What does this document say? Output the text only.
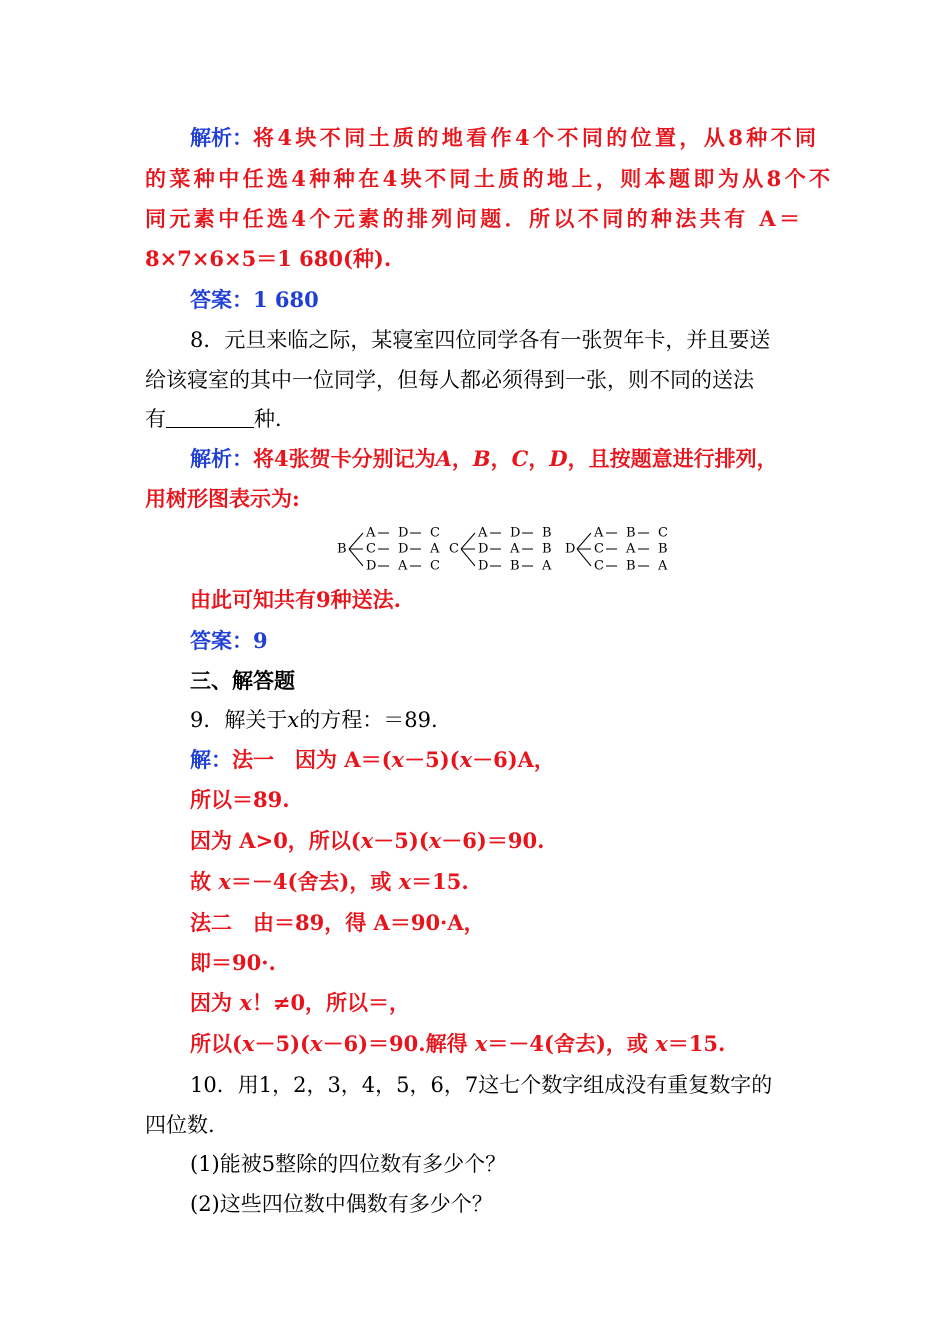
解析：将4块不同土质的地看作4个不同的位置，从8种不同
的菜种中任选4种种在4块不同土质的地上，则本题即为从8个不
同元素中任选4个元素的排列问题．所以不同的种法共有 A＝
8×7×6×5＝1 680(种).
答案：1 680
8．元旦来临之际，某寝室四位同学各有一张贺年卡，并且要送
给该寝室的其中一位同学，但每人都必须得到一张，则不同的送法
有	种．
解析：将4张贺卡分别记为A，B，C，D，且按题意进行排列，
用树形图表示为:
B
A D C
C D A
D A C
C
A D B
D A B
D B A
D
A B C
C A B
C B A
由此可知共有9种送法.
答案：9
三、解答题
9．解关于x的方程：＝89.
解：法一　因为 A＝(x－5)(x－6)A，
所以＝89.
因为 A>0，所以(x－5)(x－6)＝90.
故 x＝－4(舍去)，或 x＝15.
法二　由＝89，得 A＝90·A，
即＝90·.
因为 x！≠0，所以＝，
所以(x－5)(x－6)＝90.解得 x＝－4(舍去)，或 x＝15.
10．用1，2，3，4，5，6，7这七个数字组成没有重复数字的
四位数.
(1)能被5整除的四位数有多少个？
(2)这些四位数中偶数有多少个？
